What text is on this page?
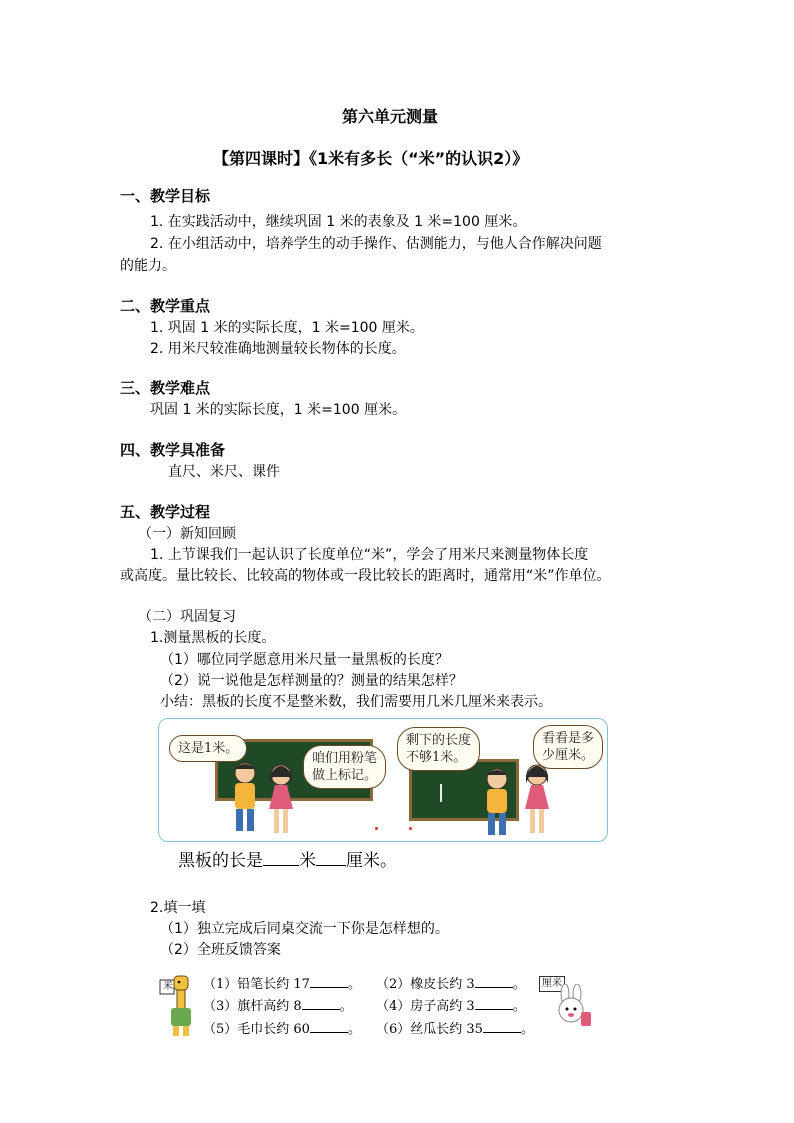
第六单元测量
【第四课时】《1米有多长（“米”的认识2）》
一、教学目标
1. 在实践活动中，继续巩固 1 米的表象及 1 米=100 厘米。
2. 在小组活动中，培养学生的动手操作、估测能力，与他人合作解决问题
的能力。
二、教学重点
1. 巩固 1 米的实际长度，1 米=100 厘米。
2. 用米尺较准确地测量较长物体的长度。
三、教学难点
巩固 1 米的实际长度，1 米=100 厘米。
四、教学具准备
直尺、米尺、课件
五、教学过程
（一）新知回顾
1. 上节课我们一起认识了长度单位“米”，学会了用米尺来测量物体长度
或高度。量比较长、比较高的物体或一段比较长的距离时，通常用“米”作单位。
（二）巩固复习
1.测量黑板的长度。
（1）哪位同学愿意用米尺量一量黑板的长度？
（2）说一说他是怎样测量的？测量的结果怎样？
小结：黑板的长度不是整米数，我们需要用几米几厘米来表示。
这是1米。
咱们用粉笔
做上标记。
剩下的长度
不够1米。
看看是多
少厘米。
黑板的长是 米 厘米。
2.填一填
（1）独立完成后同桌交流一下你是怎样想的。
（2）全班反馈答案
米 （1）铅笔长约 17	。 （2）橡皮长约 3	。
（3）旗杆高约 8	。 （4）房子高约 3	。
（5）毛巾长约 60	。 （6）丝瓜长约 35	。
厘米
